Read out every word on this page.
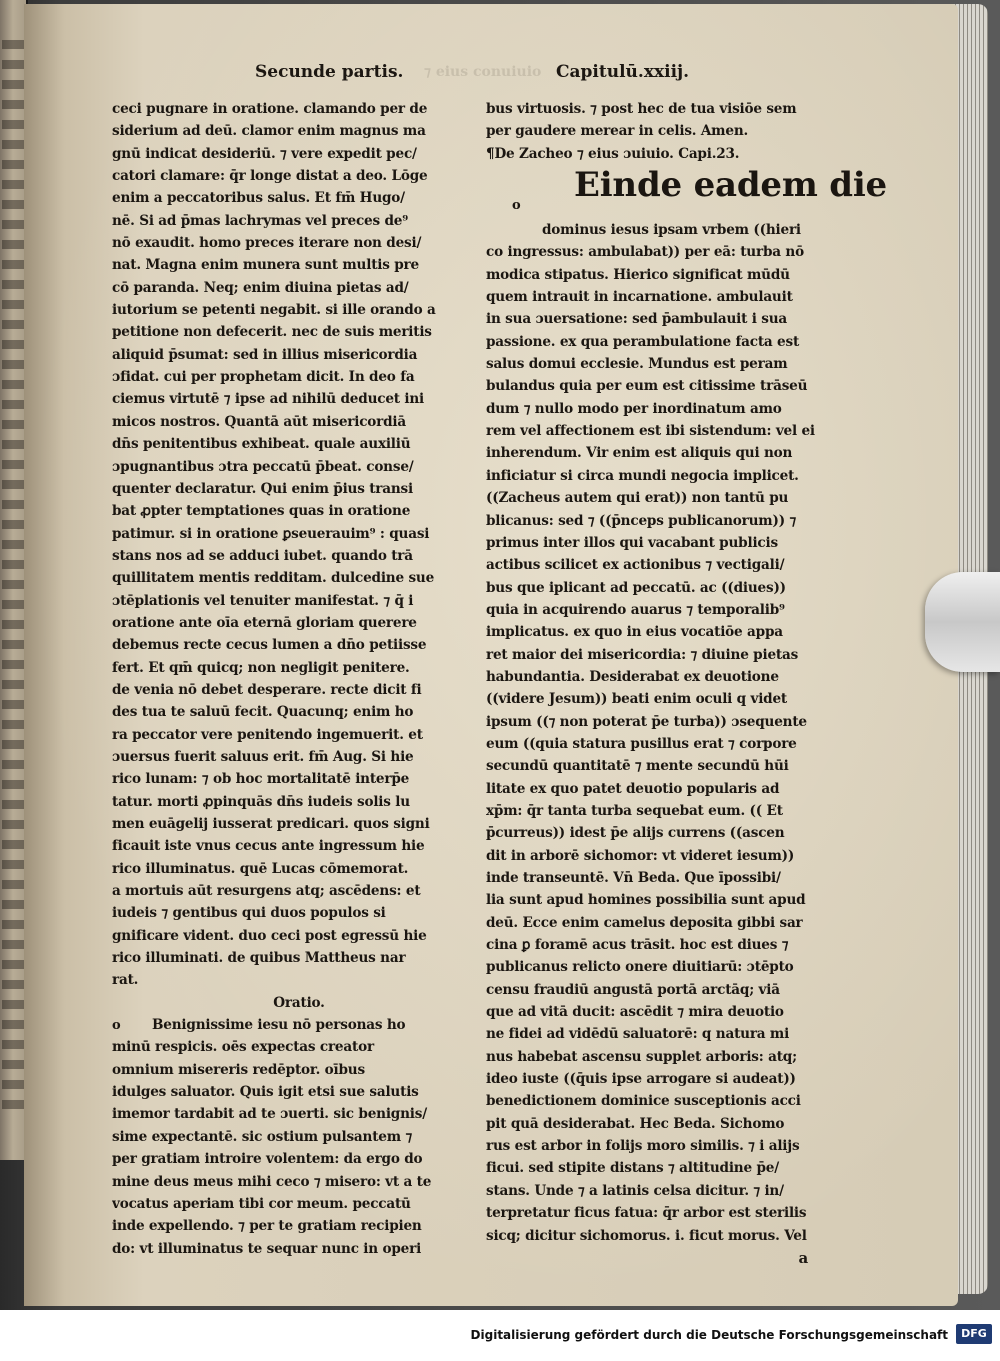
Secunde partis. ⁊ eius conuiuio Capitulū.xxiij.
ceci pugnare in oratione. clamando per de
siderium ad deū. clamor enim magnus ma
gnū indicat desideriū. ⁊ vere expedit pec/
catori clamare: q̄r longe distat a deo. Lōge
enim a peccatoribus salus. Et fm̄ Hugo/
nē. Si ad p̄mas lachrymas vel preces de⁹
nō exaudit. homo preces iterare non desi/
nat. Magna enim munera sunt multis pre
cō paranda. Neq; enim diuina pietas ad/
iutorium se petenti negabit. si ille orando a
petitione non defecerit. nec de suis meritis
aliquid p̄sumat: sed in illius misericordia
ɔfidat. cui per prophetam dicit. In deo fa
ciemus virtutē ⁊ ipse ad nihilū deducet ini
micos nostros. Quantā aūt misericordiā
dn̄s penitentibus exhibeat. quale auxiliū
ɔpugnantibus ɔtra peccatū p̄beat. conse/
quenter declaratur. Qui enim p̄ius transi
bat ꝓpter temptationes quas in oratione
patimur. si in oratione ꝑseuerauim⁹ : quasi
stans nos ad se adduci iubet. quando trā
quillitatem mentis redditam. dulcedine sue
ɔtēplationis vel tenuiter manifestat. ⁊ q̄ i
oratione ante oīa eternā gloriam querere
debemus recte cecus lumen a dn̄o petiisse
fert. Et qm̄ quicq; non negligit penitere.
de venia nō debet desperare. recte dicit fi
des tua te saluū fecit. Quacunq; enim ho
ra peccator vere penitendo ingemuerit. et
ɔuersus fuerit saluus erit. fm̄ Aug. Si hie
rico lunam: ⁊ ob hoc mortalitatē interp̄e
tatur. morti ꝓpinquās dn̄s iudeis solis lu
men euāgelij iusserat predicari. quos signi
ficauit iste vnus cecus ante ingressum hie
rico illuminatus. quē Lucas cōmemorat.
a mortuis aūt resurgens atq; ascēdens: et
iudeis ⁊ gentibus qui duos populos si
gnificare vident. duo ceci post egressū hie
rico illuminati. de quibus Mattheus nar
rat.
Oratio.
o Benignissime iesu nō personas ho
minū respicis. oēs expectas creator
omnium misereris redēptor. oībus
idulges saluator. Quis igit etsi sue salutis
imemor tardabit ad te ɔuerti. sic benignis/
sime expectantē. sic ostium pulsantem ⁊
per gratiam introire volentem: da ergo do
mine deus meus mihi ceco ⁊ misero: vt a te
vocatus aperiam tibi cor meum. peccatū
inde expellendo. ⁊ per te gratiam recipien
do: vt illuminatus te sequar nunc in operi
bus virtuosis. ⁊ post hec de tua visiōe sem
per gaudere merear in celis. Amen.
¶De Zacheo ⁊ eius ɔuiuio. Capi.23.
o
Einde eadem die
dominus iesus ipsam vrbem ((hieri
co ingressus: ambulabat)) per eā: turba nō
modica stipatus. Hierico significat mūdū
quem intrauit in incarnatione. ambulauit
in sua ɔuersatione: sed p̄ambulauit i sua
passione. ex qua perambulatione facta est
salus domui ecclesie. Mundus est peram
bulandus quia per eum est citissime trāseū
dum ⁊ nullo modo per inordinatum amo
rem vel affectionem est ibi sistendum: vel ei
inherendum. Vir enim est aliquis qui non
inficiatur si circa mundi negocia implicet.
((Zacheus autem qui erat)) non tantū pu
blicanus: sed ⁊ ((p̄nceps publicanorum)) ⁊
primus inter illos qui vacabant publicis
actibus scilicet ex actionibus ⁊ vectigali/
bus que iplicant ad peccatū. ac ((diues))
quia in acquirendo auarus ⁊ temporalib⁹
implicatus. ex quo in eius vocatiōe appa
ret maior dei misericordia: ⁊ diuine pietas
habundantia. Desiderabat ex deuotione
((videre Jesum)) beati enim oculi q videt
ipsum ((⁊ non poterat p̄e turba)) ɔsequente
eum ((quia statura pusillus erat ⁊ corpore
secundū quantitatē ⁊ mente secundū hūi
litate ex quo patet deuotio popularis ad
xp̄m: q̄r tanta turba sequebat eum. (( Et
p̄curreus)) idest p̄e alijs currens ((ascen
dit in arborē sichomor: vt videret iesum))
inde transeuntē. Vn̄ Beda. Que īpossibi/
lia sunt apud homines possibilia sunt apud
deū. Ecce enim camelus deposita gibbi sar
cina ꝑ foramē acus trāsit. hoc est diues ⁊
publicanus relicto onere diuitiarū: ɔtēpto
censu fraudiū angustā portā arctāq; viā
que ad vitā ducit: ascēdit ⁊ mira deuotio
ne fidei ad vidēdū saluatorē: q natura mi
nus habebat ascensu supplet arboris: atq;
ideo iuste ((q̄uis ipse arrogare si audeat))
benedictionem dominice susceptionis acci
pit quā desiderabat. Hec Beda. Sichomo
rus est arbor in folijs moro similis. ⁊ i alijs
ficui. sed stipite distans ⁊ altitudine p̄e/
stans. Unde ⁊ a latinis celsa dicitur. ⁊ in/
terpretatur ficus fatua: q̄r arbor est sterilis
sicq; dicitur sichomorus. i. ficut morus. Vel
a
Digitalisierung gefördert durch die Deutsche Forschungsgemeinschaft	DFG
